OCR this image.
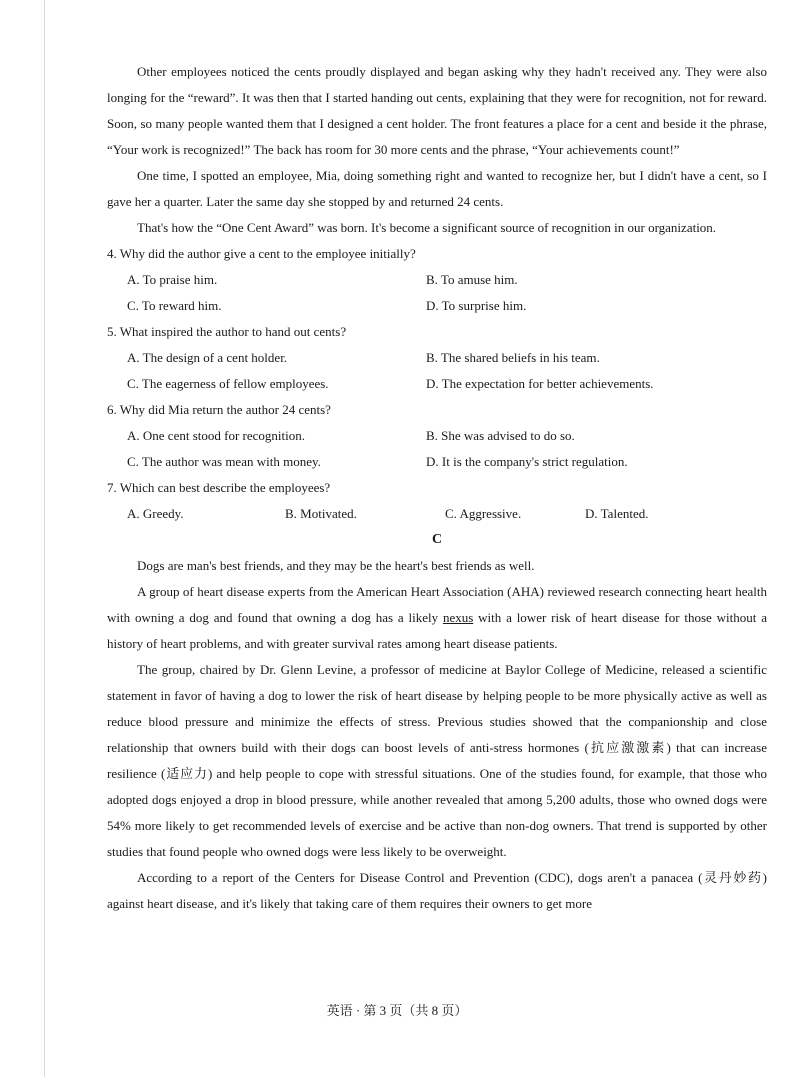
Other employees noticed the cents proudly displayed and began asking why they hadn't received any. They were also longing for the “reward”. It was then that I started handing out cents, explaining that they were for recognition, not for reward. Soon, so many people wanted them that I designed a cent holder. The front features a place for a cent and beside it the phrase, “Your work is recognized!” The back has room for 30 more cents and the phrase, “Your achievements count!”

One time, I spotted an employee, Mia, doing something right and wanted to recognize her, but I didn't have a cent, so I gave her a quarter. Later the same day she stopped by and returned 24 cents.

That's how the “One Cent Award” was born. It's become a significant source of recognition in our organization.

4. Why did the author give a cent to the employee initially?

A. To praise him.	B. To amuse him.
C. To reward him.	D. To surprise him.

5. What inspired the author to hand out cents?

A. The design of a cent holder.	B. The shared beliefs in his team.
C. The eagerness of fellow employees.	D. The expectation for better achievements.

6. Why did Mia return the author 24 cents?

A. One cent stood for recognition.	B. She was advised to do so.
C. The author was mean with money.	D. It is the company's strict regulation.

7. Which can best describe the employees?

A. Greedy.	B. Motivated.	C. Aggressive.	D. Talented.

C

Dogs are man's best friends, and they may be the heart's best friends as well.

A group of heart disease experts from the American Heart Association (AHA) reviewed research connecting heart health with owning a dog and found that owning a dog has a likely nexus with a lower risk of heart disease for those without a history of heart problems, and with greater survival rates among heart disease patients.

The group, chaired by Dr. Glenn Levine, a professor of medicine at Baylor College of Medicine, released a scientific statement in favor of having a dog to lower the risk of heart disease by helping people to be more physically active as well as reduce blood pressure and minimize the effects of stress. Previous studies showed that the companionship and close relationship that owners build with their dogs can boost levels of anti-stress hormones (抗应激激素) that can increase resilience (适应力) and help people to cope with stressful situations. One of the studies found, for example, that those who adopted dogs enjoyed a drop in blood pressure, while another revealed that among 5,200 adults, those who owned dogs were 54% more likely to get recommended levels of exercise and be active than non-dog owners. That trend is supported by other studies that found people who owned dogs were less likely to be overweight.

According to a report of the Centers for Disease Control and Prevention (CDC), dogs aren't a panacea (灵丹妙药) against heart disease, and it's likely that taking care of them requires their owners to get more

英语 · 第 3 页（共 8 页）
